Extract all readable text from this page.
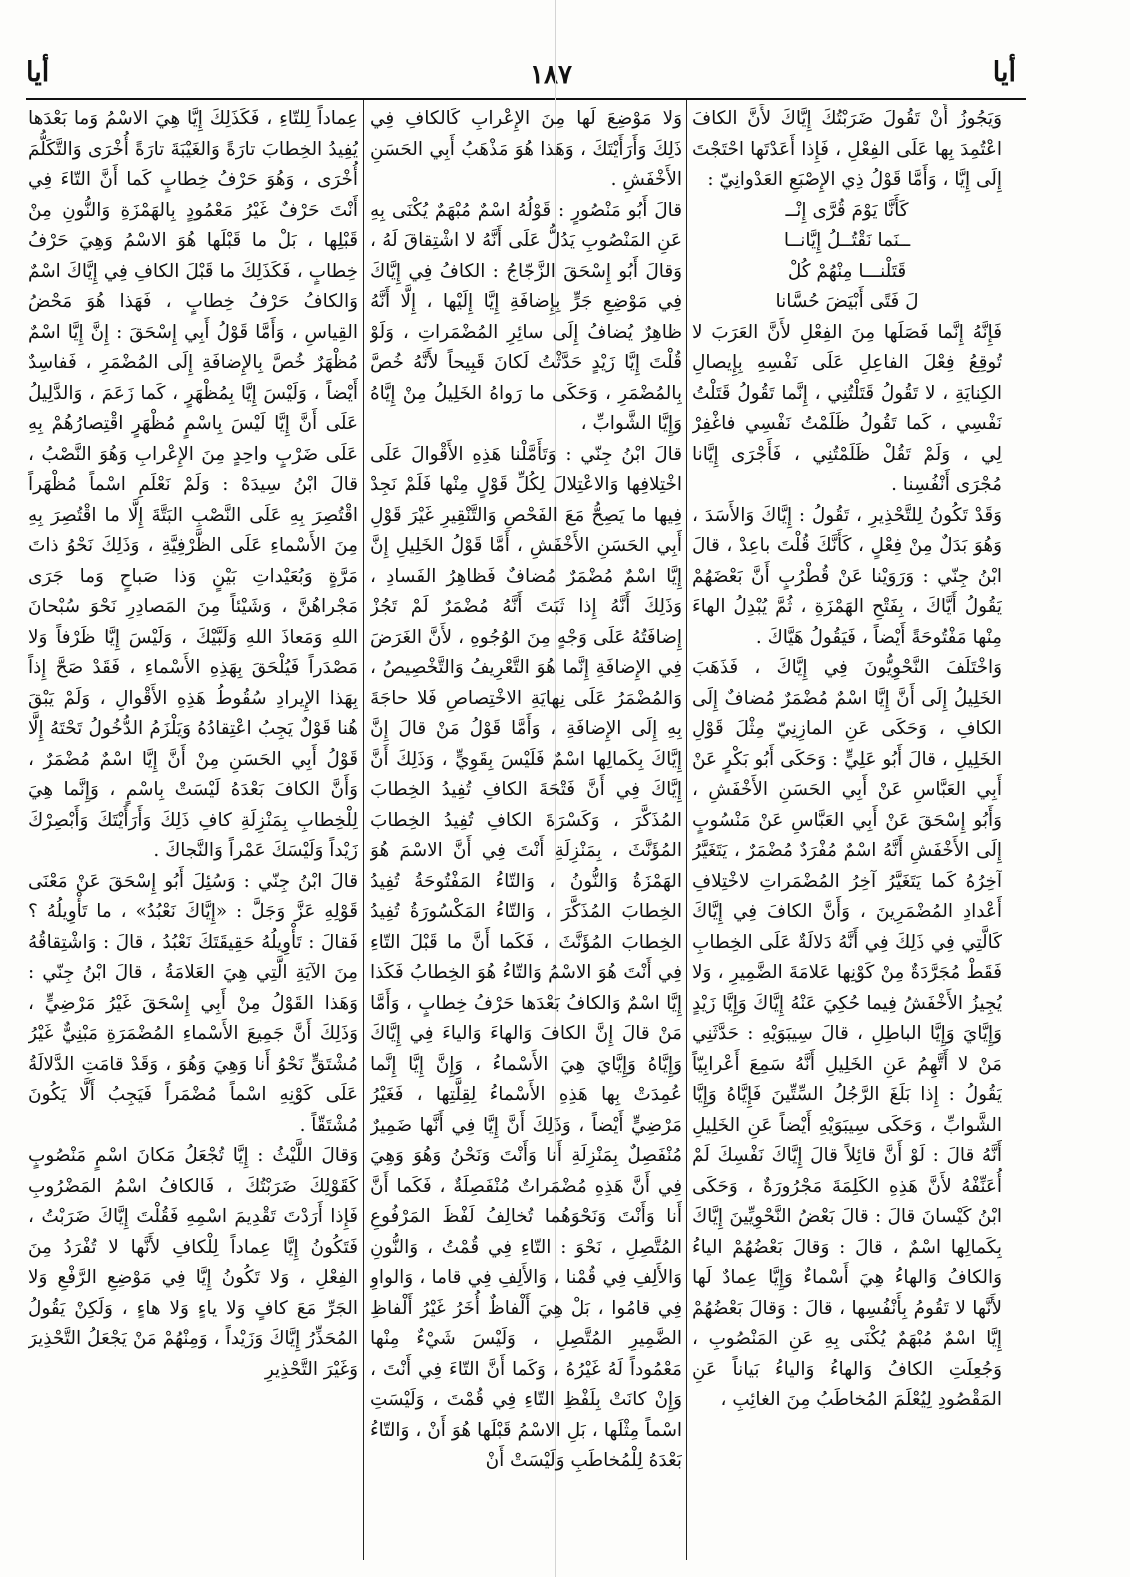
أيا
١٨٧
أيا

وَيَجُوزُ أَنْ تَقُولَ ضَرَبْتُكَ إِيَّاكَ لأَنَّ الكافَ اعْتُمِدَ بِها عَلَى الفِعْلِ ، فَإِذا أَعَدْتَها احْتَجْتَ إِلَى إِيَّا ، وَأَمَّا قَوْلُ ذِي الإِصْبَعِ العَدْوانِيّ :

كَأَنَّا يَوْمَ قُرَّى إِنْــ
ــنَما نَقْتُــلُ إِيَّانــا
قَتَلْنـــا مِنْهُمْ كُلْ
لَ فَتًى أَبْيَضَ حُسَّانا

فَإِنَّهُ إِنَّما فَصَلَها مِنَ الفِعْلِ لأَنَّ العَرَبَ لا تُوقِعُ فِعْلَ الفاعِلِ عَلَى نَفْسِهِ بِإِيصالِ الكِنايَةِ ، لا تَقُولُ قَتَلْتُنِي ، إِنَّما تَقُولُ قَتَلْتُ نَفْسِي ، كَما تَقُولُ ظَلَمْتُ نَفْسِي فاغْفِرْ لِي ، وَلَمْ تَقُلْ ظَلَمْتُنِي ، فَأَجْرَى إِيَّانا مُجْرَى أَنْفُسِنا .

وَقَدْ تَكُونُ لِلتَّحْذِيرِ ، تَقُولُ : إِيَّاكَ وَالأَسَدَ ، وَهُوَ بَدَلٌ مِنْ فِعْلٍ ، كَأَنَّكَ قُلْتَ باعِدْ ، قالَ ابْنُ جِنّي : وَرَوَيْنا عَنْ قُطْرُبٍ أَنَّ بَعْضَهُمْ يَقُولُ أَيَّاكَ ، بِفَتْحِ الهَمْزَةِ ، ثُمَّ يُبْدِلُ الهاءَ مِنْها مَفْتُوحَةً أَيْضاً ، فَيَقُولُ هَيَّاكَ .

وَاخْتَلَفَ النَّحْوِيُّونَ فِي إِيَّاكَ ، فَذَهَبَ الخَلِيلُ إِلَى أَنَّ إِيَّا اسْمٌ مُضْمَرٌ مُضافٌ إِلَى الكافِ ، وَحَكَى عَنِ المازِنِيّ مِثْلَ قَوْلِ الخَلِيلِ ، قالَ أَبُو عَلِيٍّ : وَحَكَى أَبُو بَكْرٍ عَنْ أَبِي العَبَّاسِ عَنْ أَبِي الحَسَنِ الأَخْفَشِ ، وَأَبُو إِسْحَقَ عَنْ أَبِي العَبَّاسِ عَنْ مَنْسُوبٍ إِلَى الأَخْفَشِ أَنَّهُ اسْمٌ مُفْرَدٌ مُضْمَرٌ ، يَتَغَيَّرُ آخِرُهُ كَما يَتَغَيَّرُ آخِرُ المُضْمَراتِ لاخْتِلافِ أَعْدادِ المُضْمَرِينَ ، وَأَنَّ الكافَ فِي إِيَّاكَ كَالَّتِي فِي ذَلِكَ فِي أَنَّهُ دَلالَةٌ عَلَى الخِطابِ فَقَطْ مُجَرَّدَةٌ مِنْ كَوْنِها عَلامَةَ الضَّمِيرِ ، وَلا يُجِيزُ الأَخْفَشُ فِيما حُكِيَ عَنْهُ إِيَّاكَ وَإِيَّا زَيْدٍ وَإِيَّايَ وَإِيَّا الباطِلِ ، قالَ سِيبَوَيْهِ : حَدَّثَنِي مَنْ لا أَتَّهِمُ عَنِ الخَلِيلِ أَنَّهُ سَمِعَ أَعْرابِيّاً يَقُولُ : إِذا بَلَغَ الرَّجُلُ السِّتِّينَ فَإِيَّاهُ وَإِيَّا الشَّوابِّ ، وَحَكَى سِيبَوَيْهِ أَيْضاً عَنِ الخَلِيلِ أَنَّهُ قالَ : لَوْ أَنَّ قائِلاً قالَ إِيَّاكَ نَفْسِكَ لَمْ أُعَنِّفْهُ لأَنَّ هَذِهِ الكَلِمَةَ مَجْرُورَةٌ ، وَحَكَى ابْنُ كَيْسانَ قالَ : قالَ بَعْضُ النَّحْوِيِّينَ إِيَّاكَ بِكَمالِها اسْمٌ ، قالَ : وَقالَ بَعْضُهُمْ الياءُ وَالكافُ وَالهاءُ هِيَ أَسْماءٌ وَإِيَّا عِمادٌ لَها لأَنَّها لا تَقُومُ بِأَنْفُسِها ، قالَ : وَقالَ بَعْضُهُمْ إِيَّا اسْمٌ مُبْهَمٌ يُكْنَى بِهِ عَنِ المَنْصُوبِ ، وَجُعِلَتِ الكافُ وَالهاءُ وَالياءُ بَياناً عَنِ المَقْصُودِ لِيُعْلَمَ المُخاطَبُ مِنَ الغائِبِ ،

وَلا مَوْضِعَ لَها مِنَ الإِعْرابِ كَالكافِ فِي ذَلِكَ وَأَرَأَيْتَكَ ، وَهَذا هُوَ مَذْهَبُ أَبِي الحَسَنِ الأَخْفَشِ .

قالَ أَبُو مَنْصُورٍ : قَوْلُهُ اسْمٌ مُبْهَمٌ يُكْنَى بِهِ عَنِ المَنْصُوبِ يَدُلُّ عَلَى أَنَّهُ لا اشْتِقاقَ لَهُ ، وَقالَ أَبُو إِسْحَقَ الزَّجّاجُ : الكافُ فِي إِيَّاكَ فِي مَوْضِعِ جَرٍّ بِإِضافَةِ إِيَّا إِلَيْها ، إِلَّا أَنَّهُ ظاهِرٌ يُضافُ إِلَى سائِرِ المُضْمَراتِ ، وَلَوْ قُلْتَ إِيَّا زَيْدٍ حَدَّثْتُ لَكانَ قَبِيحاً لأَنَّهُ خُصَّ بِالمُضْمَرِ ، وَحَكَى ما رَواهُ الخَلِيلُ مِنْ إِيَّاهُ وَإِيَّا الشَّوابِّ ،

قالَ ابْنُ جِنّي : وَتَأَمَّلْنا هَذِهِ الأَقْوالَ عَلَى اخْتِلافِها وَالاعْتِلالَ لِكُلِّ قَوْلٍ مِنْها فَلَمْ نَجِدْ فِيها ما يَصِحُّ مَعَ الفَحْصِ وَالتَّنْقِيرِ غَيْرَ قَوْلِ أَبِي الحَسَنِ الأَخْفَشِ ، أَمَّا قَوْلُ الخَلِيلِ إِنَّ إِيَّا اسْمٌ مُضْمَرٌ مُضافٌ فَظاهِرُ الفَسادِ ، وَذَلِكَ أَنَّهُ إِذا ثَبَتَ أَنَّهُ مُضْمَرٌ لَمْ تَجُزْ إِضافَتُهُ عَلَى وَجْهٍ مِنَ الوُجُوهِ ، لأَنَّ الغَرَضَ فِي الإِضافَةِ إِنَّما هُوَ التَّعْرِيفُ وَالتَّخْصِيصُ ، وَالمُضْمَرُ عَلَى نِهايَةِ الاخْتِصاصِ فَلا حاجَةَ بِهِ إِلَى الإِضافَةِ ، وَأَمَّا قَوْلُ مَنْ قالَ إِنَّ إِيَّاكَ بِكَمالِها اسْمٌ فَلَيْسَ بِقَوِيٍّ ، وَذَلِكَ أَنَّ إِيَّاكَ فِي أَنَّ فَتْحَةَ الكافِ تُفِيدُ الخِطابَ المُذَكَّرَ ، وَكَسْرَةَ الكافِ تُفِيدُ الخِطابَ المُؤَنَّثَ ، بِمَنْزِلَةِ أَنْتَ فِي أَنَّ الاسْمَ هُوَ الهَمْزَةُ وَالنُّونُ ، وَالتّاءُ المَفْتُوحَةُ تُفِيدُ الخِطابَ المُذَكَّرَ ، وَالتّاءُ المَكْسُورَةُ تُفِيدُ الخِطابَ المُؤَنَّثَ ، فَكَما أَنَّ ما قَبْلَ التّاءِ فِي أَنْتَ هُوَ الاسْمُ وَالتّاءُ هُوَ الخِطابُ فَكَذا إِيَّا اسْمٌ وَالكافُ بَعْدَها حَرْفُ خِطابٍ ، وَأَمَّا مَنْ قالَ إِنَّ الكافَ وَالهاءَ وَالياءَ فِي إِيَّاكَ وَإِيَّاهُ وَإِيَّايَ هِيَ الأَسْماءُ ، وَإِنَّ إِيَّا إِنَّما عُمِدَتْ بِها هَذِهِ الأَسْماءُ لِقِلَّتِها ، فَغَيْرُ مَرْضِيٍّ أَيْضاً ، وَذَلِكَ أَنَّ إِيَّا فِي أَنَّها ضَمِيرٌ مُنْفَصِلٌ بِمَنْزِلَةِ أَنا وَأَنْتَ وَنَحْنُ وَهُوَ وَهِيَ فِي أَنَّ هَذِهِ مُضْمَراتٌ مُنْفَصِلَةٌ ، فَكَما أَنَّ أَنا وَأَنْتَ وَنَحْوَهُما تُخالِفُ لَفْظَ المَرْفُوعِ المُتَّصِلِ ، نَحْوَ : التّاءِ فِي قُمْتُ ، وَالنُّونِ وَالأَلِفِ فِي قُمْنا ، وَالأَلِفِ فِي قاما ، وَالواوِ فِي قامُوا ، بَلْ هِيَ أَلْفاظٌ أُخَرُ غَيْرُ أَلْفاظِ الضَّمِيرِ المُتَّصِلِ ، وَلَيْسَ شَيْءٌ مِنْها مَعْمُوداً لَهُ غَيْرُهُ ، وَكَما أَنَّ التّاءَ فِي أَنْتَ ، وَإِنْ كانَتْ بِلَفْظِ التّاءِ فِي قُمْتَ ، وَلَيْسَتِ اسْماً مِثْلَها ، بَلِ الاسْمُ قَبْلَها هُوَ أَنْ ، وَالتّاءُ بَعْدَهُ لِلْمُخاطَبِ وَلَيْسَتْ أَنْ

عِماداً لِلتّاءِ ، فَكَذَلِكَ إِيَّا هِيَ الاسْمُ وَما بَعْدَها يُفِيدُ الخِطابَ تارَةً وَالغَيْبَةَ تارَةً أُخْرَى وَالتَّكَلُّمَ أُخْرَى ، وَهُوَ حَرْفُ خِطابٍ كَما أَنَّ التّاءَ فِي أَنْتَ حَرْفٌ غَيْرُ مَعْمُودٍ بِالهَمْزَةِ وَالنُّونِ مِنْ قَبْلِها ، بَلْ ما قَبْلَها هُوَ الاسْمُ وَهِيَ حَرْفُ خِطابٍ ، فَكَذَلِكَ ما قَبْلَ الكافِ فِي إِيَّاكَ اسْمٌ وَالكافُ حَرْفُ خِطابٍ ، فَهَذا هُوَ مَحْضُ القِياسِ ، وَأَمَّا قَوْلُ أَبِي إِسْحَقَ : إِنَّ إِيَّا اسْمٌ مُظْهَرٌ خُصَّ بِالإِضافَةِ إِلَى المُضْمَرِ ، فَفاسِدٌ أَيْضاً ، وَلَيْسَ إِيَّا بِمُظْهَرٍ ، كَما زَعَمَ ، وَالدَّلِيلُ عَلَى أَنَّ إِيَّا لَيْسَ بِاسْمٍ مُظْهَرٍ اقْتِصارُهُمْ بِهِ عَلَى ضَرْبٍ واحِدٍ مِنَ الإِعْرابِ وَهُوَ النَّصْبُ ، قالَ ابْنُ سِيدَهْ : وَلَمْ نَعْلَمِ اسْماً مُظْهَراً اقْتُصِرَ بِهِ عَلَى النَّصْبِ البَتَّةَ إِلَّا ما اقْتُصِرَ بِهِ مِنَ الأَسْماءِ عَلَى الظَّرْفِيَّةِ ، وَذَلِكَ نَحْوُ ذاتَ مَرَّةٍ وَبُعَيْداتِ بَيْنٍ وَذا صَباحٍ وَما جَرَى مَجْراهُنَّ ، وَشَيْئاً مِنَ المَصادِرِ نَحْوَ سُبْحانَ اللهِ وَمَعاذَ اللهِ وَلَبَّيْكَ ، وَلَيْسَ إِيَّا ظَرْفاً وَلا مَصْدَراً فَيُلْحَقَ بِهَذِهِ الأَسْماءِ ، فَقَدْ صَحَّ إِذاً بِهَذا الإِيرادِ سُقُوطُ هَذِهِ الأَقْوالِ ، وَلَمْ يَبْقَ هُنا قَوْلٌ يَجِبُ اعْتِقادُهُ وَيَلْزَمُ الدُّخُولُ تَحْتَهُ إِلَّا قَوْلُ أَبِي الحَسَنِ مِنْ أَنَّ إِيَّا اسْمٌ مُضْمَرٌ ، وَأَنَّ الكافَ بَعْدَهُ لَيْسَتْ بِاسْمٍ ، وَإِنَّما هِيَ لِلْخِطابِ بِمَنْزِلَةِ كافِ ذَلِكَ وَأَرَأَيْتَكَ وَأَبْصِرْكَ زَيْداً وَلَيْسَكَ عَمْراً وَالنَّجاكَ .

قالَ ابْنُ جِنّي : وَسُئِلَ أَبُو إِسْحَقَ عَنْ مَعْنَى قَوْلِهِ عَزَّ وَجَلَّ : «إِيَّاكَ نَعْبُدُ» ، ما تَأْوِيلُهُ ؟ فَقالَ : تَأْوِيلُهُ حَقِيقَتَكَ نَعْبُدُ ، قالَ : وَاشْتِقاقُهُ مِنَ الآيَةِ الَّتِي هِيَ العَلامَةُ ، قالَ ابْنُ جِنّي : وَهَذا القَوْلُ مِنْ أَبِي إِسْحَقَ غَيْرُ مَرْضِيٍّ ، وَذَلِكَ أَنَّ جَمِيعَ الأَسْماءِ المُضْمَرَةِ مَبْنِيٌّ غَيْرُ مُشْتَقٍّ نَحْوُ أَنا وَهِيَ وَهُوَ ، وَقَدْ قامَتِ الدَّلالَةُ عَلَى كَوْنِهِ اسْماً مُضْمَراً فَيَجِبُ أَلَّا يَكُونَ مُشْتَقّاً .

وَقالَ اللَّيْثُ : إِيَّا تُجْعَلُ مَكانَ اسْمٍ مَنْصُوبٍ كَقَوْلِكَ ضَرَبْتُكَ ، فَالكافُ اسْمُ المَضْرُوبِ فَإِذا أَرَدْتَ تَقْدِيمَ اسْمِهِ فَقُلْتَ إِيَّاكَ ضَرَبْتُ ، فَتَكُونُ إِيَّا عِماداً لِلْكافِ لأَنَّها لا تُفْرَدُ مِنَ الفِعْلِ ، وَلا تَكُونُ إِيَّا فِي مَوْضِعِ الرَّفْعِ وَلا الجَرِّ مَعَ كافٍ وَلا ياءٍ وَلا هاءٍ ، وَلَكِنْ يَقُولُ المُحَذِّرُ إِيَّاكَ وَزَيْداً ، وَمِنْهُمْ مَنْ يَجْعَلُ التَّحْذِيرَ وَغَيْرَ التَّحْذِيرِ
